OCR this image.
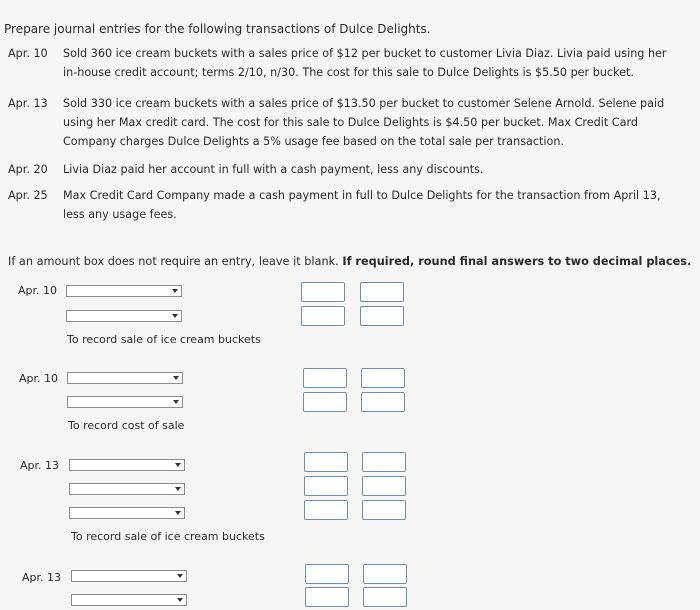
Prepare journal entries for the following transactions of Dulce Delights.
Apr. 10 Sold 360 ice cream buckets with a sales price of $12 per bucket to customer Livia Diaz. Livia paid using her
in-house credit account; terms 2/10, n/30. The cost for this sale to Dulce Delights is $5.50 per bucket.
Apr. 13 Sold 330 ice cream buckets with a sales price of $13.50 per bucket to customer Selene Arnold. Selene paid
using her Max credit card. The cost for this sale to Dulce Delights is $4.50 per bucket. Max Credit Card
Company charges Dulce Delights a 5% usage fee based on the total sale per transaction.
Apr. 20 Livia Diaz paid her account in full with a cash payment, less any discounts.
Apr. 25 Max Credit Card Company made a cash payment in full to Dulce Delights for the transaction from April 13,
less any usage fees.
If an amount box does not require an entry, leave it blank. If required, round final answers to two decimal places.
Apr. 10
To record sale of ice cream buckets
Apr. 10
To record cost of sale
Apr. 13
To record sale of ice cream buckets
Apr. 13
